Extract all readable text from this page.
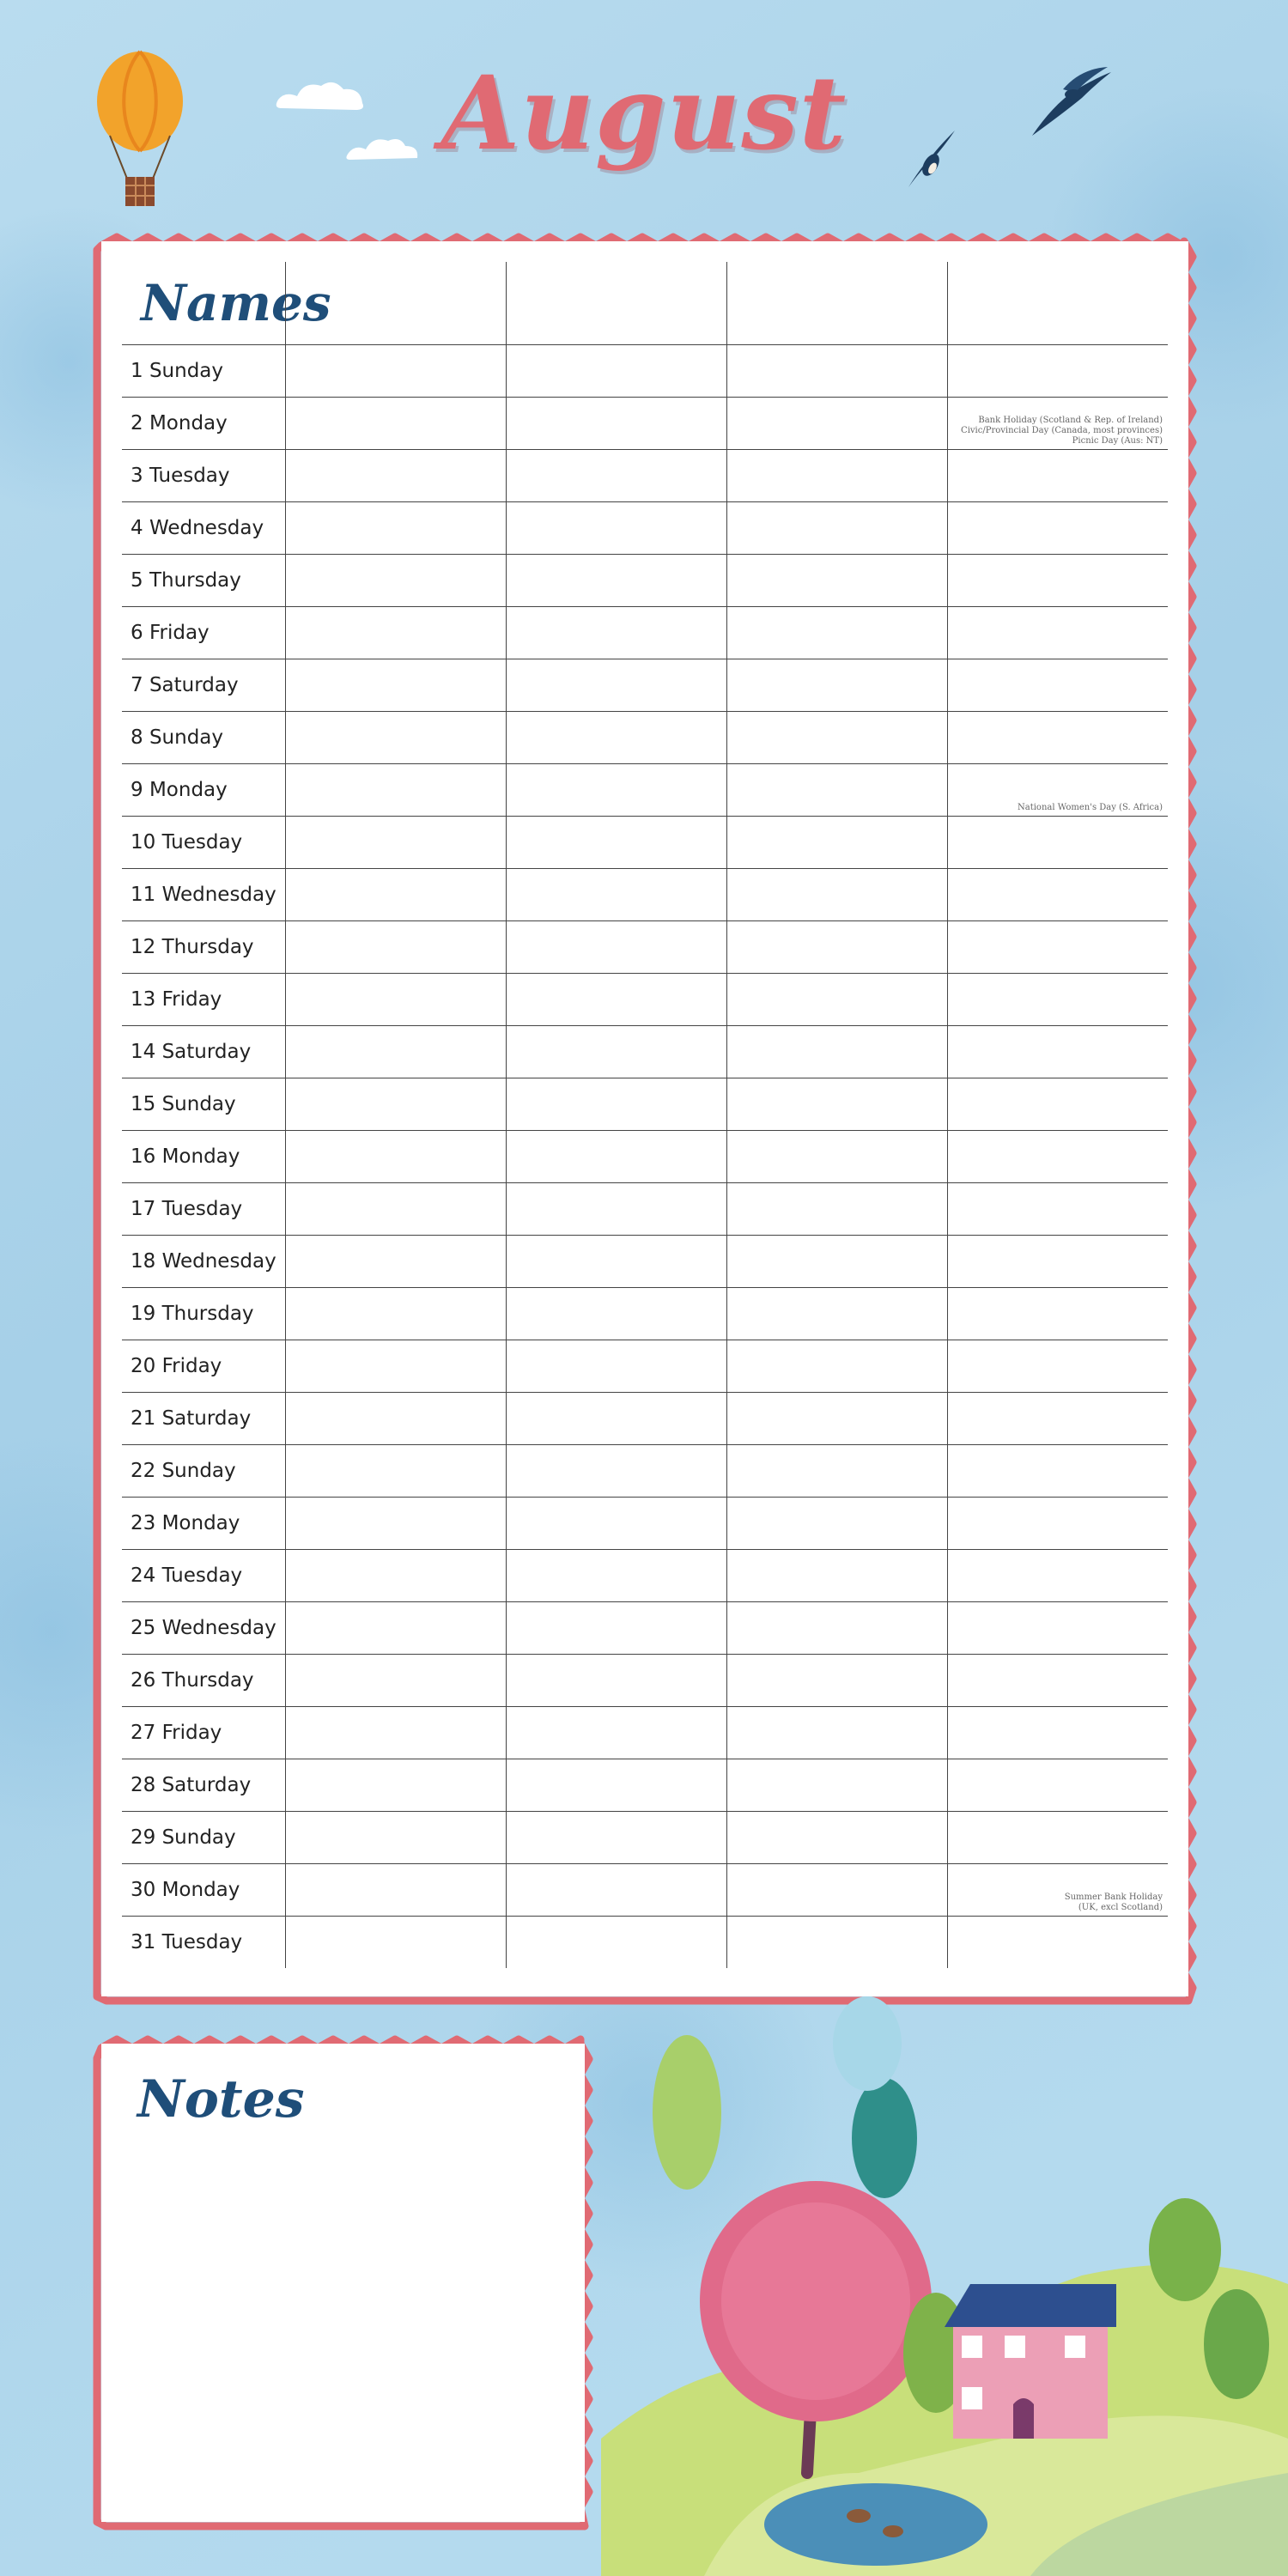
August
Names
1 Sunday
2 Monday	Bank Holiday (Scotland & Rep. of Ireland)
Civic/Provincial Day (Canada, most provinces)
Picnic Day (Aus: NT)
3 Tuesday
4 Wednesday
5 Thursday
6 Friday
7 Saturday
8 Sunday
9 Monday
National Women's Day (S. Africa)
10 Tuesday
11 Wednesday
12 Thursday
13 Friday
14 Saturday
15 Sunday
16 Monday
17 Tuesday
18 Wednesday
19 Thursday
20 Friday
21 Saturday
22 Sunday
23 Monday
24 Tuesday
25 Wednesday
26 Thursday
27 Friday
28 Saturday
29 Sunday
30 Monday	Summer Bank Holiday
(UK, excl Scotland)
31 Tuesday
Notes
